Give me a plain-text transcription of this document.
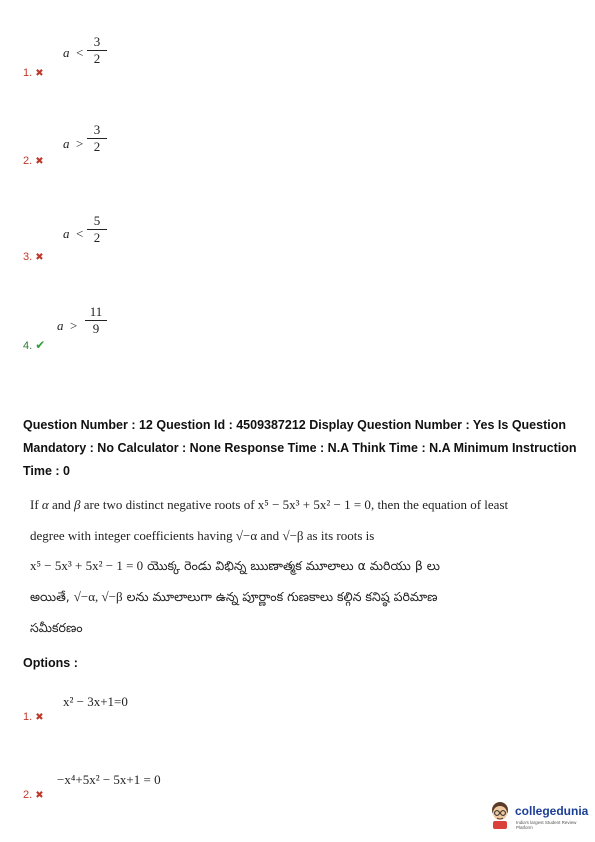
a <
3
2
1. ✖
a >
3
2
2. ✖
a <
5
2
3. ✖
a >
11
9
4. ✔
Question Number : 12 Question Id : 4509387212 Display Question Number : Yes Is Question
Mandatory : No Calculator : None Response Time : N.A Think Time : N.A Minimum Instruction
Time : 0
If α and β are two distinct negative roots of x⁵ − 5x³ + 5x² − 1 = 0, then the equation of least
degree with integer coefficients having √−α and √−β as its roots is
x⁵ − 5x³ + 5x² − 1 = 0 యొక్క రెండు విభిన్న ఋణాత్మక మూలాలు α మరియు β లు
అయితే, √−α, √−β లను మూలాలుగా ఉన్న పూర్ణాంక గుణకాలు కల్గిన కనిష్ఠ పరిమాణ
సమీకరణం
Options :
x² − 3x+1=0
1. ✖
−x⁴+5x² − 5x+1 = 0
2. ✖
collegedunia
India's largest Student Review Platform
